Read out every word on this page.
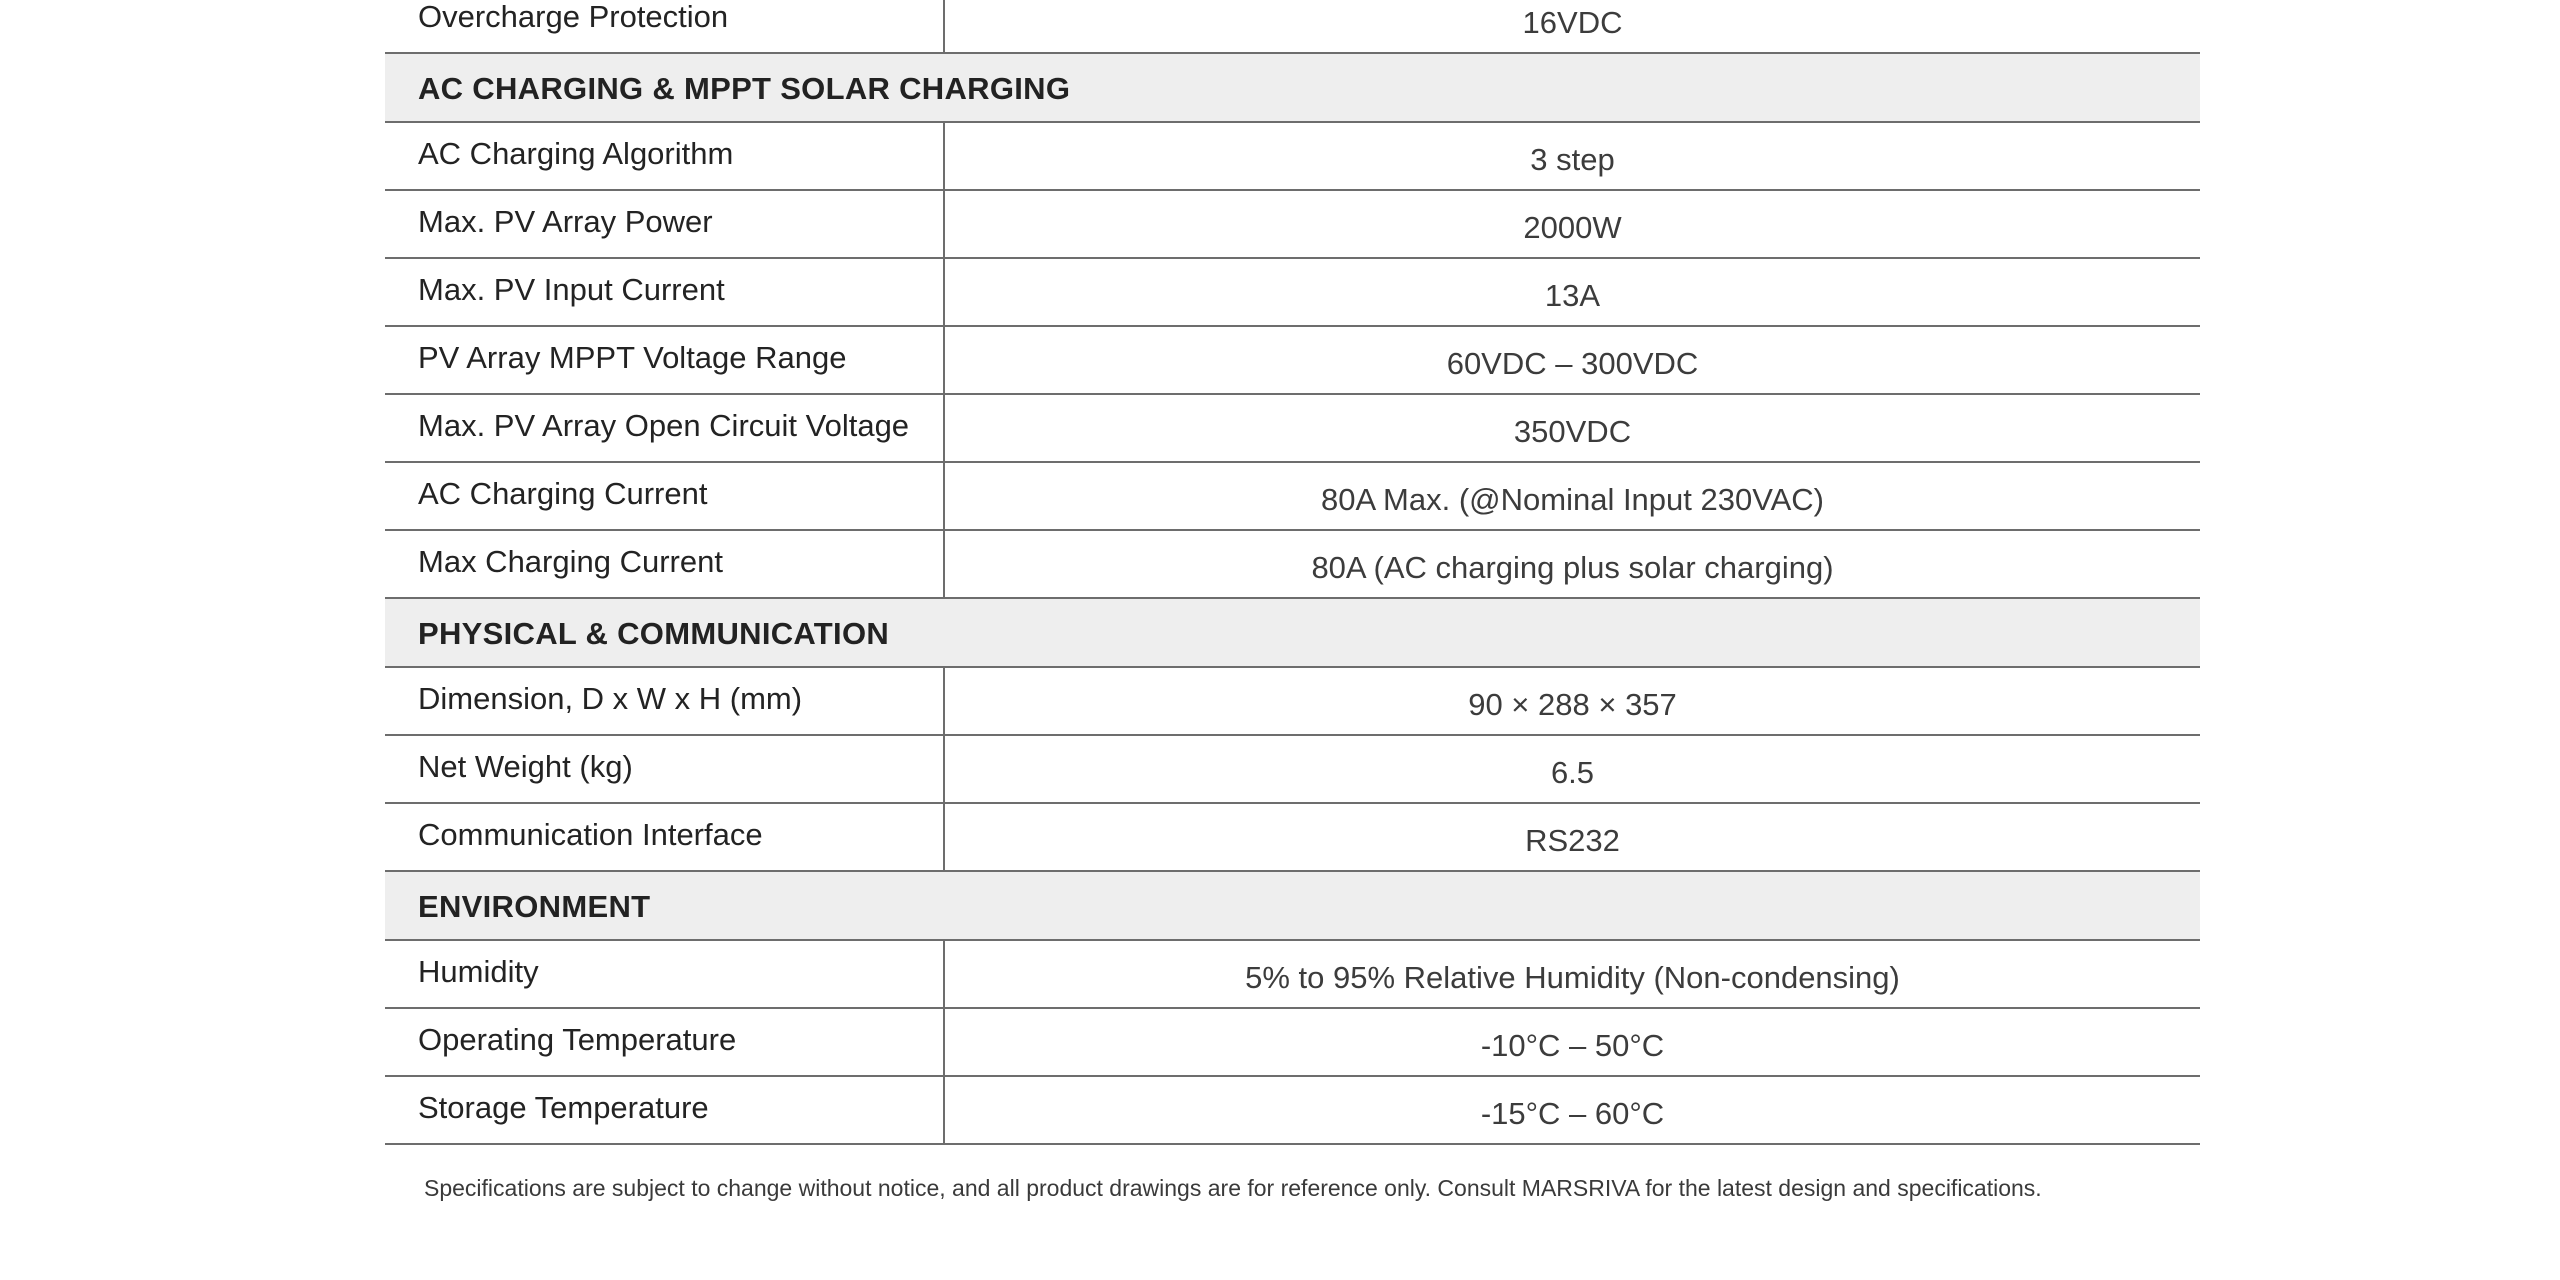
Overcharge Protection	16VDC
AC CHARGING & MPPT SOLAR CHARGING
AC Charging Algorithm	3 step
Max. PV Array Power	2000W
Max. PV Input Current	13A
PV Array MPPT Voltage Range	60VDC – 300VDC
Max. PV Array Open Circuit Voltage	350VDC
AC Charging Current	80A Max. (@Nominal Input 230VAC)
Max Charging Current	80A (AC charging plus solar charging)
PHYSICAL & COMMUNICATION
Dimension, D x W x H (mm)	90 × 288 × 357
Net Weight (kg)	6.5
Communication Interface	RS232
ENVIRONMENT
Humidity	5% to 95% Relative Humidity (Non-condensing)
Operating Temperature	-10°C – 50°C
Storage Temperature	-15°C – 60°C
Specifications are subject to change without notice, and all product drawings are for reference only. Consult MARSRIVA for the latest design and specifications.
